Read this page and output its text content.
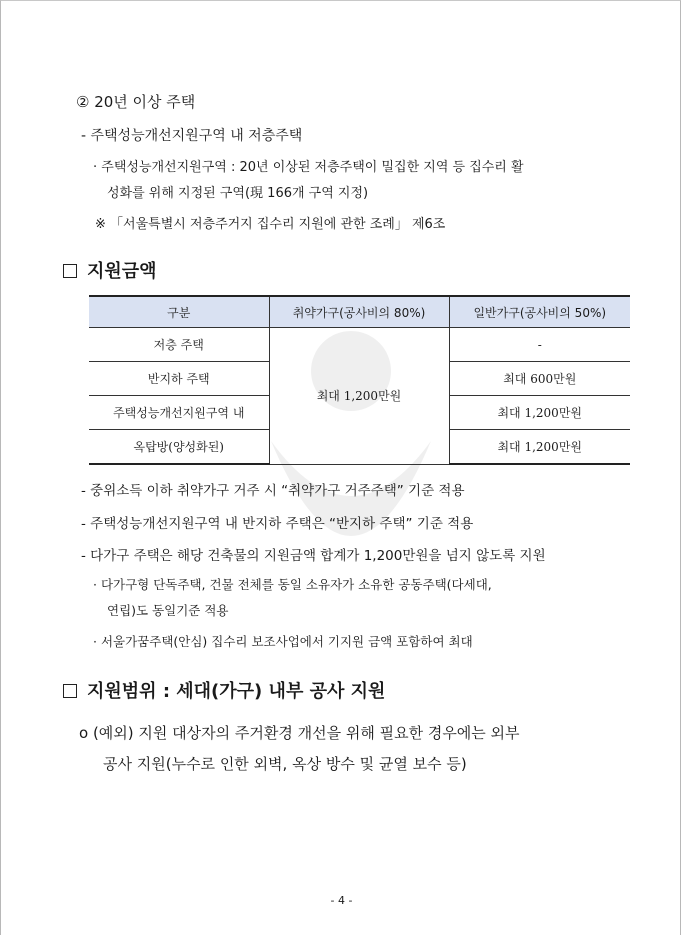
② 20년 이상 주택
- 주택성능개선지원구역 내 저층주택
· 주택성능개선지원구역 : 20년 이상된 저층주택이 밀집한 지역 등 집수리 활
성화를 위해 지정된 구역(現 166개 구역 지정)
※ 「서울특별시 저층주거지 집수리 지원에 관한 조례」 제6조
지원금액
구분	취약가구(공사비의 80%)	일반가구(공사비의 50%)
저층 주택	최대 1,200만원	-
반지하 주택		최대 600만원
주택성능개선지원구역 내		최대 1,200만원
옥탑방(양성화된)		최대 1,200만원
- 중위소득 이하 취약가구 거주 시 “취약가구 거주주택” 기준 적용
- 주택성능개선지원구역 내 반지하 주택은 “반지하 주택” 기준 적용
- 다가구 주택은 해당 건축물의 지원금액 합계가 1,200만원을 넘지 않도록 지원
· 다가구형 단독주택, 건물 전체를 동일 소유자가 소유한 공동주택(다세대,
연립)도 동일기준 적용
· 서울가꿈주택(안심) 집수리 보조사업에서 기지원 금액 포함하여 최대
지원범위 : 세대(가구) 내부 공사 지원
o (예외) 지원 대상자의 주거환경 개선을 위해 필요한 경우에는 외부
공사 지원(누수로 인한 외벽, 옥상 방수 및 균열 보수 등)
- 4 -
